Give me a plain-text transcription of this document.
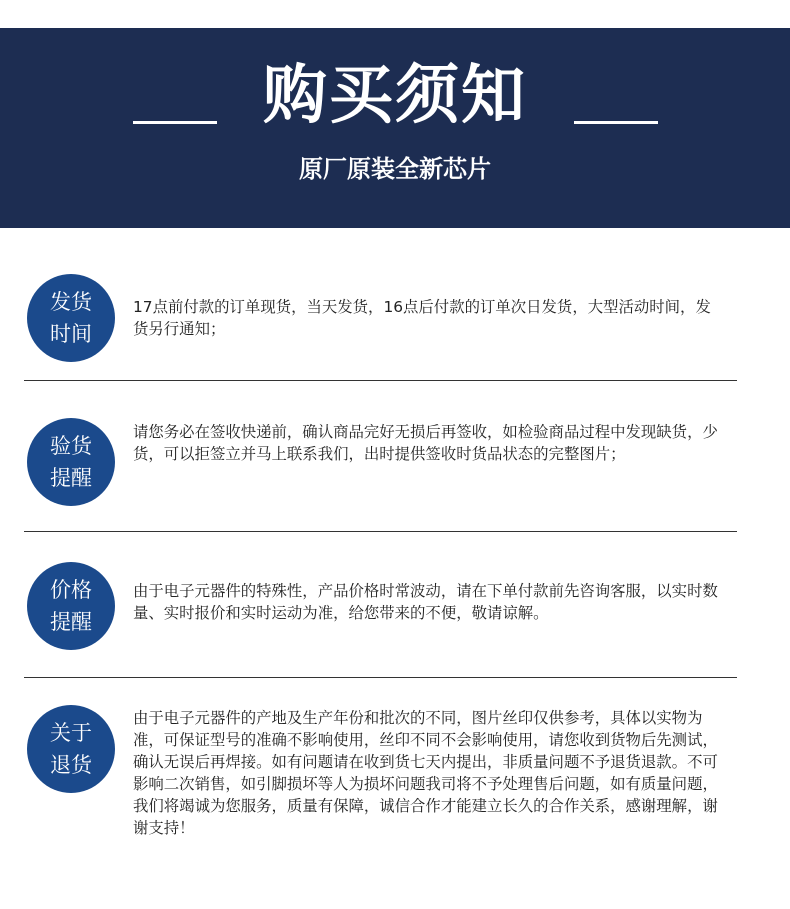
购买须知
原厂原装全新芯片
发货时间
17点前付款的订单现货，当天发货，16点后付款的订单次日发货，大型活动时间，发货另行通知；
验货提醒
请您务必在签收快递前，确认商品完好无损后再签收，如检验商品过程中发现缺货，少货，可以拒签立并马上联系我们，出时提供签收时货品状态的完整图片；
价格提醒
由于电子元器件的特殊性，产品价格时常波动，请在下单付款前先咨询客服，以实时数量、实时报价和实时运动为准，给您带来的不便，敬请谅解。
关于退货
由于电子元器件的产地及生产年份和批次的不同，图片丝印仅供参考，具体以实物为准，可保证型号的准确不影响使用，丝印不同不会影响使用，请您收到货物后先测试，确认无误后再焊接。如有问题请在收到货七天内提出，非质量问题不予退货退款。不可影响二次销售，如引脚损坏等人为损坏问题我司将不予处理售后问题，如有质量问题，我们将竭诚为您服务，质量有保障，诚信合作才能建立长久的合作关系，感谢理解，谢谢支持！
